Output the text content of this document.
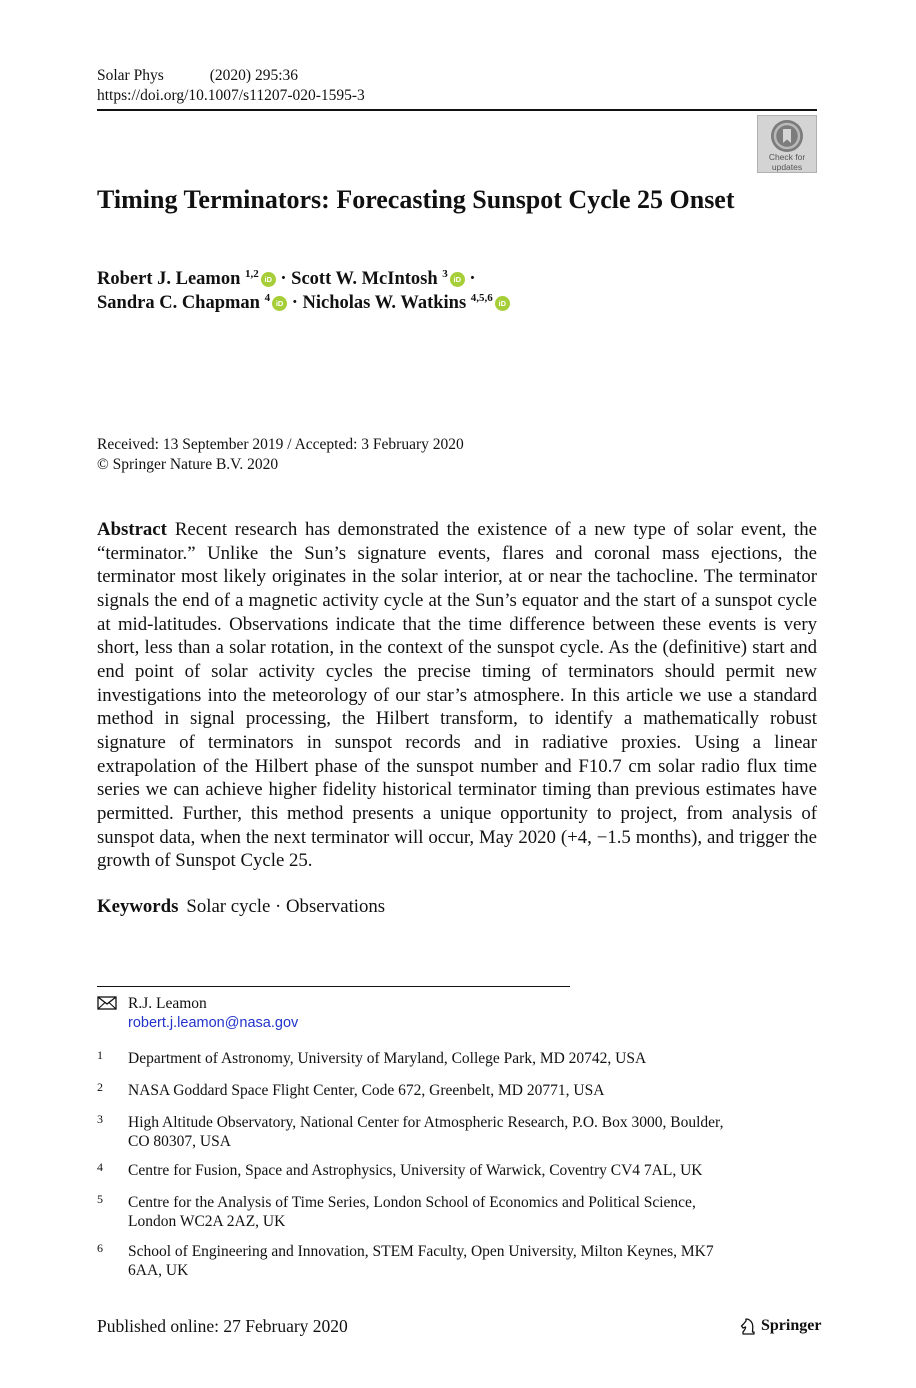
Solar Phys	(2020) 295:36
https://doi.org/10.1007/s11207-020-1595-3
Check for
updates
Timing Terminators: Forecasting Sunspot Cycle 25 Onset
Robert J. Leamon $^{1,2}$ iD · Scott W. McIntosh $^3$ iD ·
Sandra C. Chapman $^4$ iD · Nicholas W. Watkins $^{4,5,6}$ iD
Received: 13 September 2019 / Accepted: 3 February 2020
© Springer Nature B.V. 2020

Abstract Recent research has demonstrated the existence of a new type of solar event, the “terminator.” Unlike the Sun’s signature events, flares and coronal mass ejections, the terminator most likely originates in the solar interior, at or near the tachocline. The terminator signals the end of a magnetic activity cycle at the Sun’s equator and the start of a sunspot cycle at mid-latitudes. Observations indicate that the time difference between these events is very short, less than a solar rotation, in the context of the sunspot cycle. As the (definitive) start and end point of solar activity cycles the precise timing of terminators should permit new investigations into the meteorology of our star’s atmosphere. In this article we use a standard method in signal processing, the Hilbert transform, to identify a mathematically robust signature of terminators in sunspot records and in radiative proxies. Using a linear extrapolation of the Hilbert phase of the sunspot number and F10.7 cm solar radio flux time series we can achieve higher fidelity historical terminator timing than previous estimates have permitted. Further, this method presents a unique opportunity to project, from analysis of sunspot data, when the next terminator will occur, May 2020 (+4, −1.5 months), and trigger the growth of Sunspot Cycle 25.

Keywords Solar cycle · Observations
R.J. Leamon
robert.j.leamon@nasa.gov
1 Department of Astronomy, University of Maryland, College Park, MD 20742, USA
2 NASA Goddard Space Flight Center, Code 672, Greenbelt, MD 20771, USA
3 High Altitude Observatory, National Center for Atmospheric Research, P.O. Box 3000, Boulder,
CO 80307, USA
4 Centre for Fusion, Space and Astrophysics, University of Warwick, Coventry CV4 7AL, UK
5 Centre for the Analysis of Time Series, London School of Economics and Political Science,
London WC2A 2AZ, UK
6 School of Engineering and Innovation, STEM Faculty, Open University, Milton Keynes, MK7
6AA, UK
Published online: 27 February 2020	Springer
